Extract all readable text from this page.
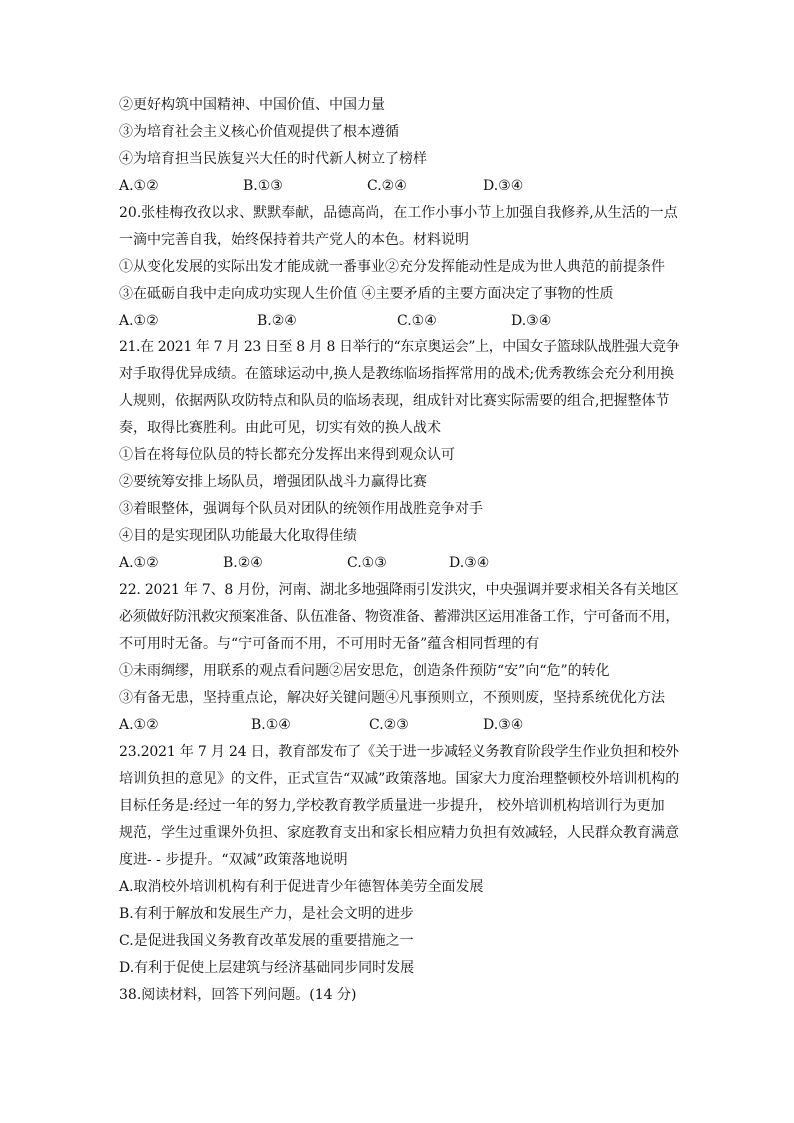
②更好构筑中国精神、中国价值、中国力量
③为培育社会主义核心价值观提供了根本遵循
④为培育担当民族复兴大任的时代新人树立了榜样
A.①②	B.①③	C.②④	D.③④
20.张桂梅孜孜以求、默默奉献，品德高尚，在工作小事小节上加强自我修养,从生活的一点
一滴中完善自我，始终保持着共产党人的本色。材料说明
①从变化发展的实际出发才能成就一番事业②充分发挥能动性是成为世人典范的前提条件
③在砥砺自我中走向成功实现人生价值 ④主要矛盾的主要方面决定了事物的性质
A.①②	B.②④	C.①④	D.③④
21.在 2021 年 7 月 23 日至 8 月 8 日举行的“东京奥运会”上，中国女子篮球队战胜强大竞争
对手取得优异成绩。在篮球运动中,换人是教练临场指挥常用的战术;优秀教练会充分利用换
人规则，依据两队攻防特点和队员的临场表现，组成针对比赛实际需要的组合,把握整体节
奏，取得比赛胜利。由此可见，切实有效的换人战术
①旨在将每位队员的特长都充分发挥出来得到观众认可
②要统筹安排上场队员，增强团队战斗力赢得比赛
③着眼整体，强调每个队员对团队的统领作用战胜竞争对手
④目的是实现团队功能最大化取得佳绩
A.①②	B.②④	C.①③	D.③④
22. 2021 年 7、8 月份，河南、湖北多地强降雨引发洪灾，中央强调并要求相关各有关地区
必须做好防汛救灾预案准备、队伍准备、物资准备、蓄滞洪区运用准备工作，宁可备而不用，
不可用时无备。与“宁可备而不用，不可用时无备”蕴含相同哲理的有
①未雨绸缪，用联系的观点看问题②居安思危，创造条件预防“安”向“危”的转化
③有备无患，坚持重点论，解决好关键问题④凡事预则立，不预则废，坚持系统优化方法
A.①②	B.①④	C.②③	D.③④
23.2021 年 7 月 24 日，教育部发布了《关于进一步减轻义务教育阶段学生作业负担和校外
培训负担的意见》的文件，正式宣告“双减”政策落地。国家大力度治理整顿校外培训机构的
目标任务是:经过一年的努力,学校教育教学质量进一步提升， 校外培训机构培训行为更加
规范，学生过重课外负担、家庭教育支出和家长相应精力负担有效减轻，人民群众教育满意
度进- - 步提升。“双减”政策落地说明
A.取消校外培训机构有利于促进青少年德智体美劳全面发展
B.有利于解放和发展生产力，是社会文明的进步
C.是促进我国义务教育改革发展的重要措施之一
D.有利于促使上层建筑与经济基础同步同时发展
38.阅读材料，回答下列问题。(14 分)
